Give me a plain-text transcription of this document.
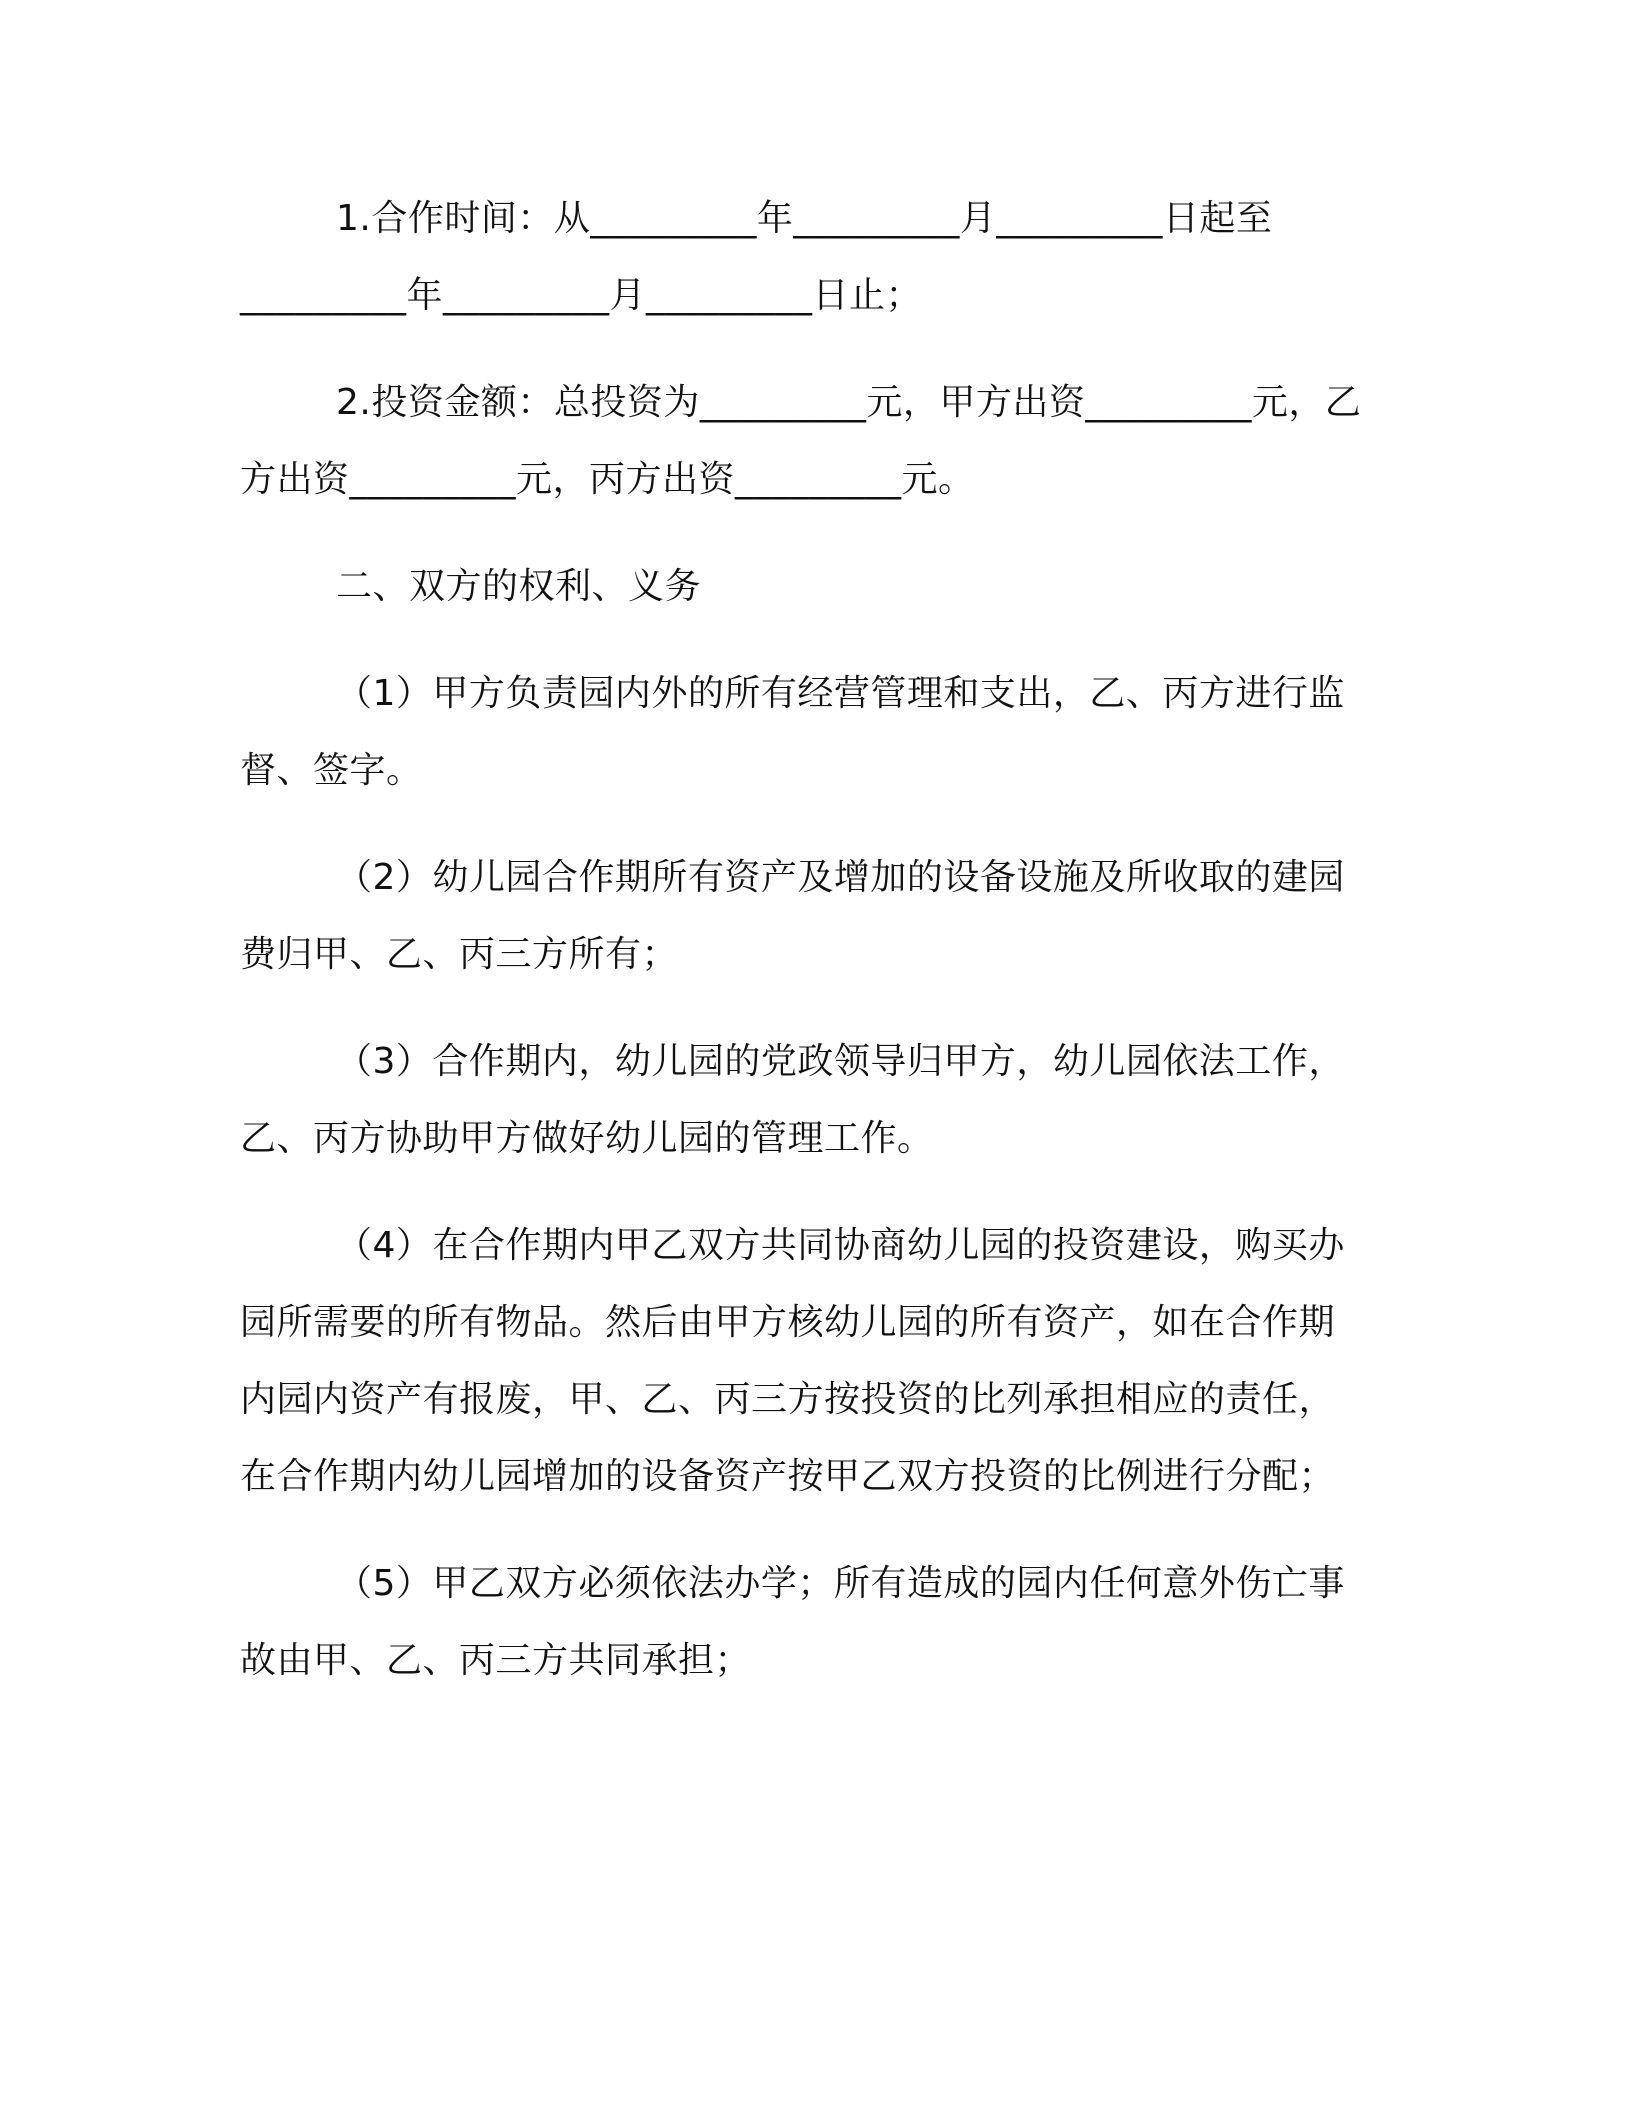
1.合作时间：从_________年_________月_________日起至_________年_________月_________日止；

2.投资金额：总投资为_________元，甲方出资_________元，乙方出资_________元，丙方出资_________元。

二、双方的权利、义务

（1）甲方负责园内外的所有经营管理和支出，乙、丙方进行监督、签字。

（2）幼儿园合作期所有资产及增加的设备设施及所收取的建园费归甲、乙、丙三方所有；

（3）合作期内，幼儿园的党政领导归甲方，幼儿园依法工作，乙、丙方协助甲方做好幼儿园的管理工作。

（4）在合作期内甲乙双方共同协商幼儿园的投资建设，购买办园所需要的所有物品。然后由甲方核幼儿园的所有资产，如在合作期内园内资产有报废，甲、乙、丙三方按投资的比列承担相应的责任，在合作期内幼儿园增加的设备资产按甲乙双方投资的比例进行分配；

（5）甲乙双方必须依法办学；所有造成的园内任何意外伤亡事故由甲、乙、丙三方共同承担；
